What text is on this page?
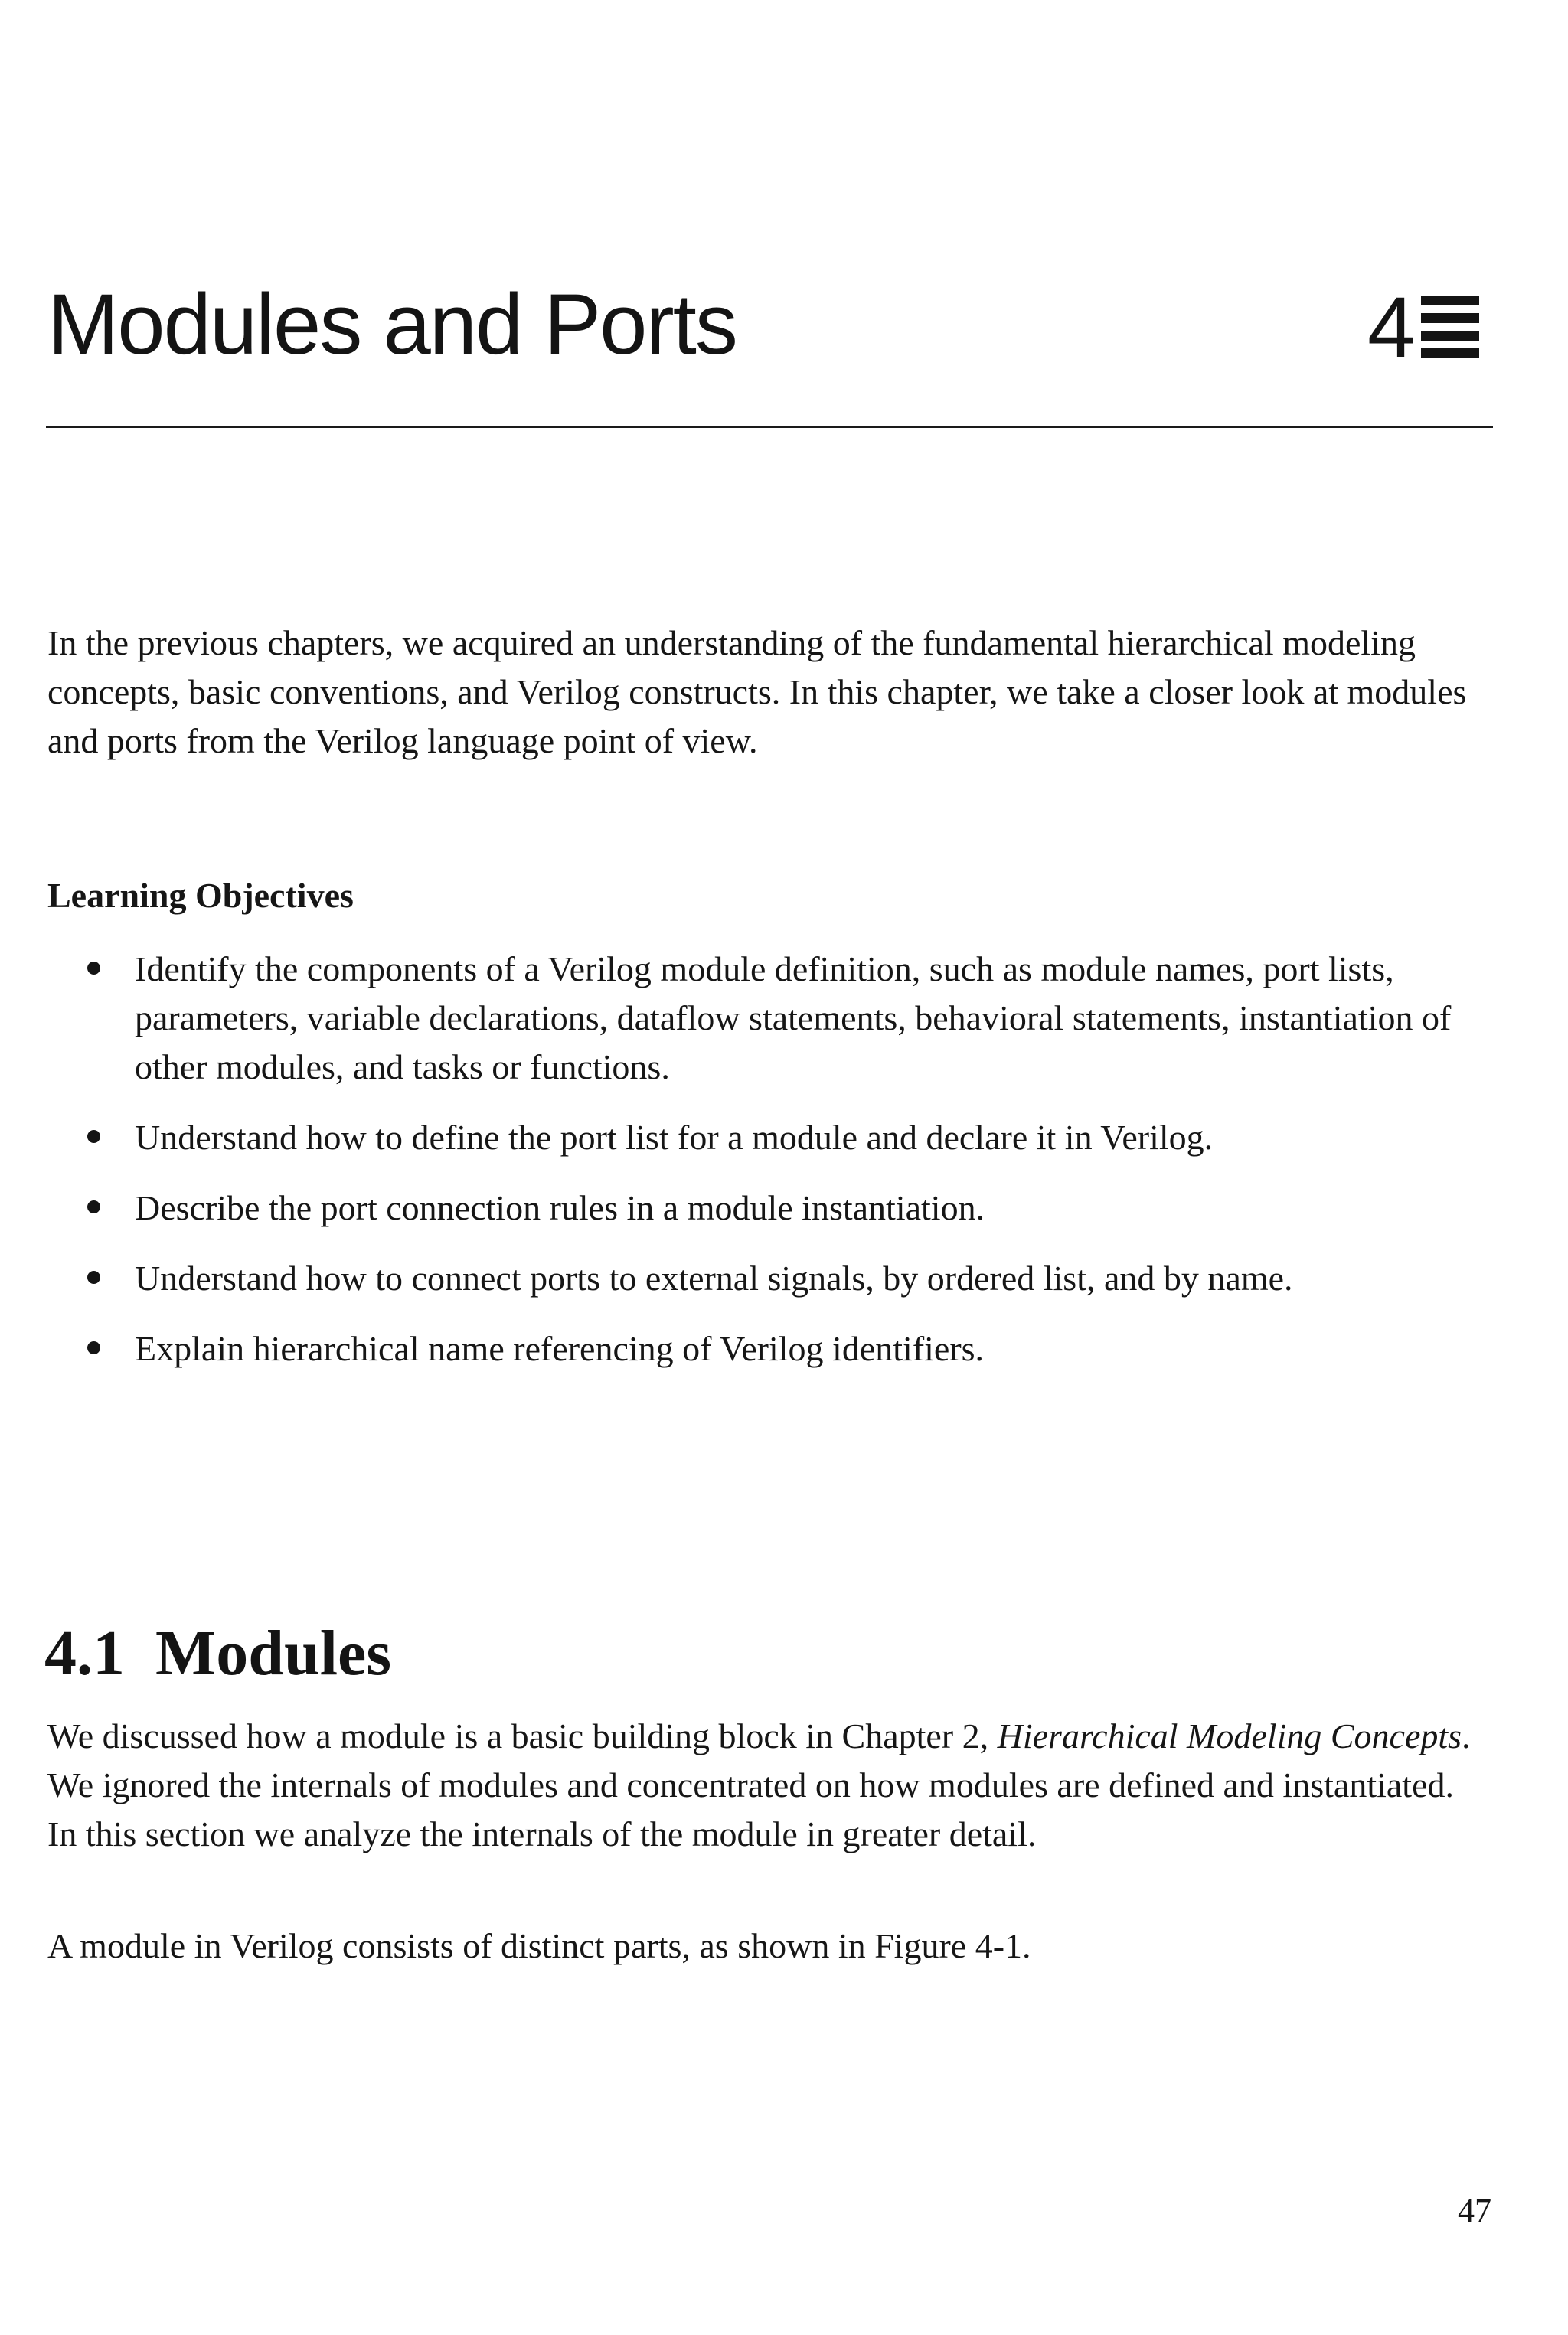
Modules and Ports	4

In the previous chapters, we acquired an understanding of the fundamental hierarchical modeling concepts, basic conventions, and Verilog constructs. In this chapter, we take a closer look at modules and ports from the Verilog language point of view.

Learning Objectives
Identify the components of a Verilog module definition, such as module names, port lists, parameters, variable declarations, dataflow statements, behavioral statements, instantiation of other modules, and tasks or functions.
Understand how to define the port list for a module and declare it in Verilog.
Describe the port connection rules in a module instantiation.
Understand how to connect ports to external signals, by ordered list, and by name.
Explain hierarchical name referencing of Verilog identifiers.
4.1 Modules

We discussed how a module is a basic building block in Chapter 2, Hierarchical Modeling Concepts. We ignored the internals of modules and concentrated on how modules are defined and instantiated. In this section we analyze the internals of the module in greater detail.

A module in Verilog consists of distinct parts, as shown in Figure 4-1.

47
